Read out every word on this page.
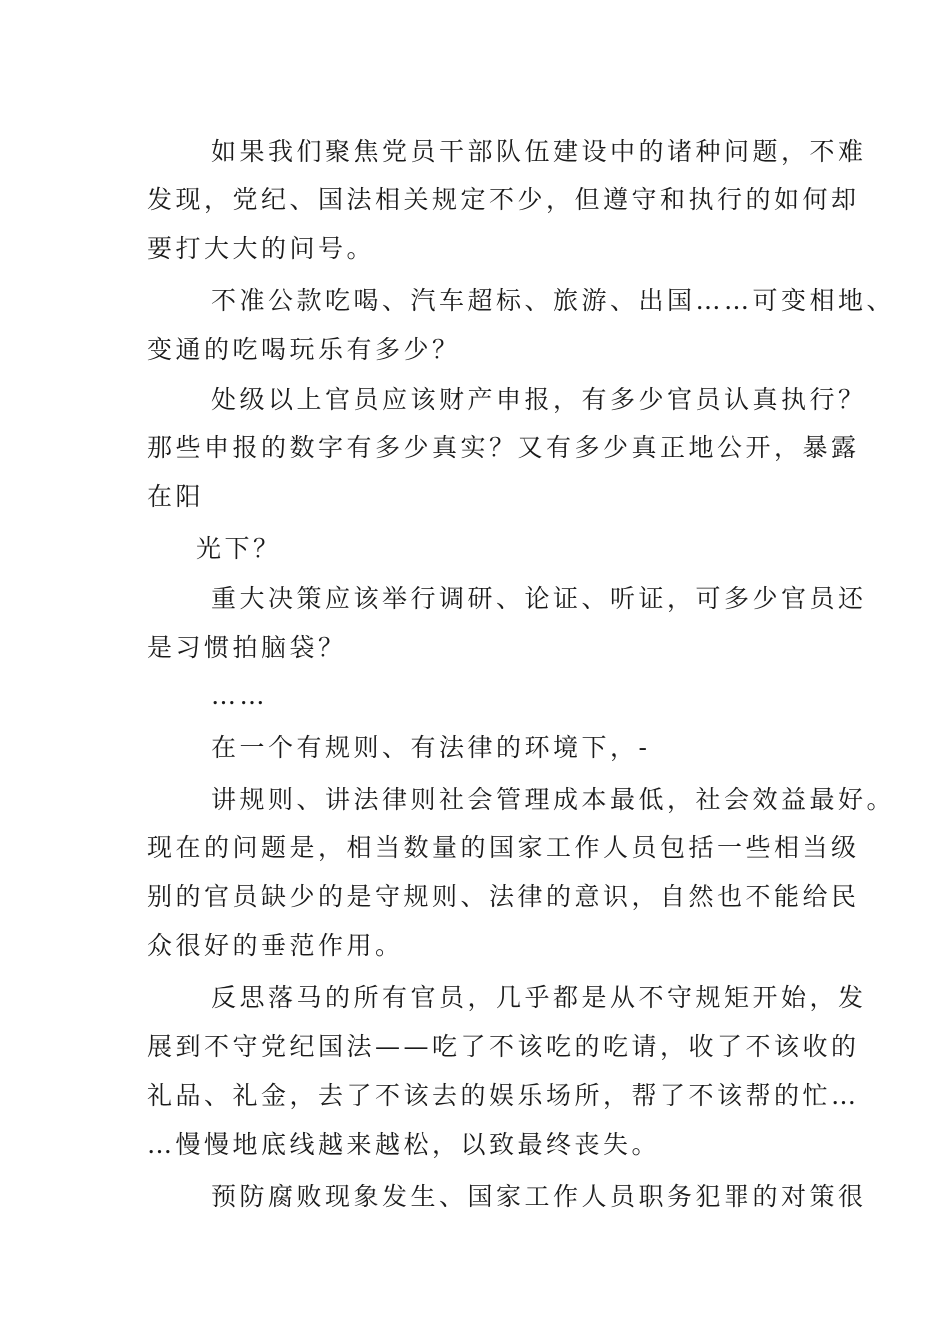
如果我们聚焦党员干部队伍建设中的诸种问题，不难
发现，党纪、国法相关规定不少，但遵守和执行的如何却
要打大大的问号。
不准公款吃喝、汽车超标、旅游、出国……可变相地、
变通的吃喝玩乐有多少？
处级以上官员应该财产申报，有多少官员认真执行？
那些申报的数字有多少真实？又有多少真正地公开，暴露
在阳
光下？
重大决策应该举行调研、论证、听证，可多少官员还
是习惯拍脑袋？
……
在一个有规则、有法律的环境下，-
讲规则、讲法律则社会管理成本最低，社会效益最好。
现在的问题是，相当数量的国家工作人员包括一些相当级
别的官员缺少的是守规则、法律的意识，自然也不能给民
众很好的垂范作用。
反思落马的所有官员，几乎都是从不守规矩开始，发
展到不守党纪国法——吃了不该吃的吃请，收了不该收的
礼品、礼金，去了不该去的娱乐场所，帮了不该帮的忙…
…慢慢地底线越来越松，以致最终丧失。
预防腐败现象发生、国家工作人员职务犯罪的对策很
